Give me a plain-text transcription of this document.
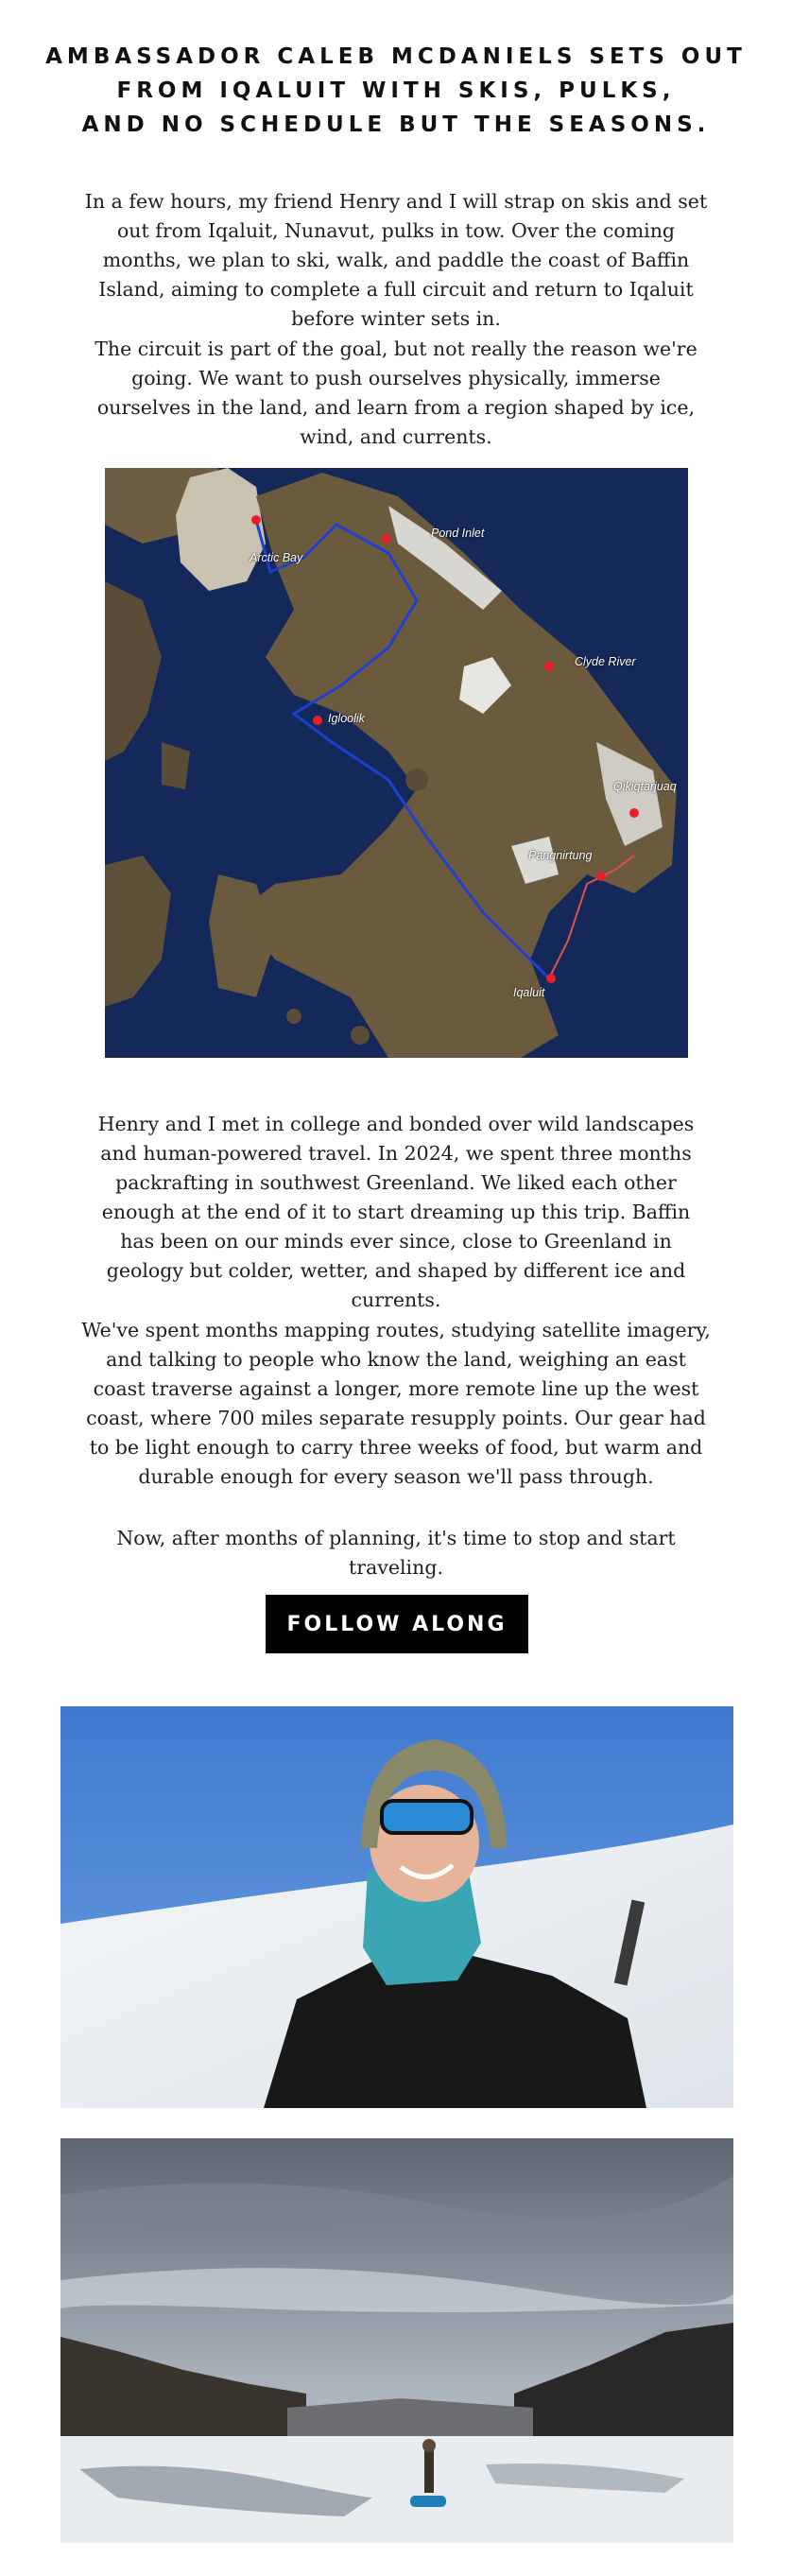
AMBASSADOR CALEB MCDANIELS SETS OUT
FROM IQALUIT WITH SKIS, PULKS,
AND NO SCHEDULE BUT THE SEASONS.

In a few hours, my friend Henry and I will strap on skis and set out from Iqaluit, Nunavut, pulks in tow. Over the coming months, we plan to ski, walk, and paddle the coast of Baffin Island, aiming to complete a full circuit and return to Iqaluit before winter sets in.

The circuit is part of the goal, but not really the reason we're going. We want to push ourselves physically, immerse ourselves in the land, and learn from a region shaped by ice, wind, and currents.

Pond Inlet
Arctic Bay
Clyde River
Igloolik
Qikiqtarjuaq
Pangnirtung
Iqaluit

Henry and I met in college and bonded over wild landscapes and human-powered travel. In 2024, we spent three months packrafting in southwest Greenland. We liked each other enough at the end of it to start dreaming up this trip. Baffin has been on our minds ever since, close to Greenland in geology but colder, wetter, and shaped by different ice and currents.

We've spent months mapping routes, studying satellite imagery, and talking to people who know the land, weighing an east coast traverse against a longer, more remote line up the west coast, where 700 miles separate resupply points. Our gear had to be light enough to carry three weeks of food, but warm and durable enough for every season we'll pass through.

Now, after months of planning, it's time to stop and start traveling.

FOLLOW ALONG
